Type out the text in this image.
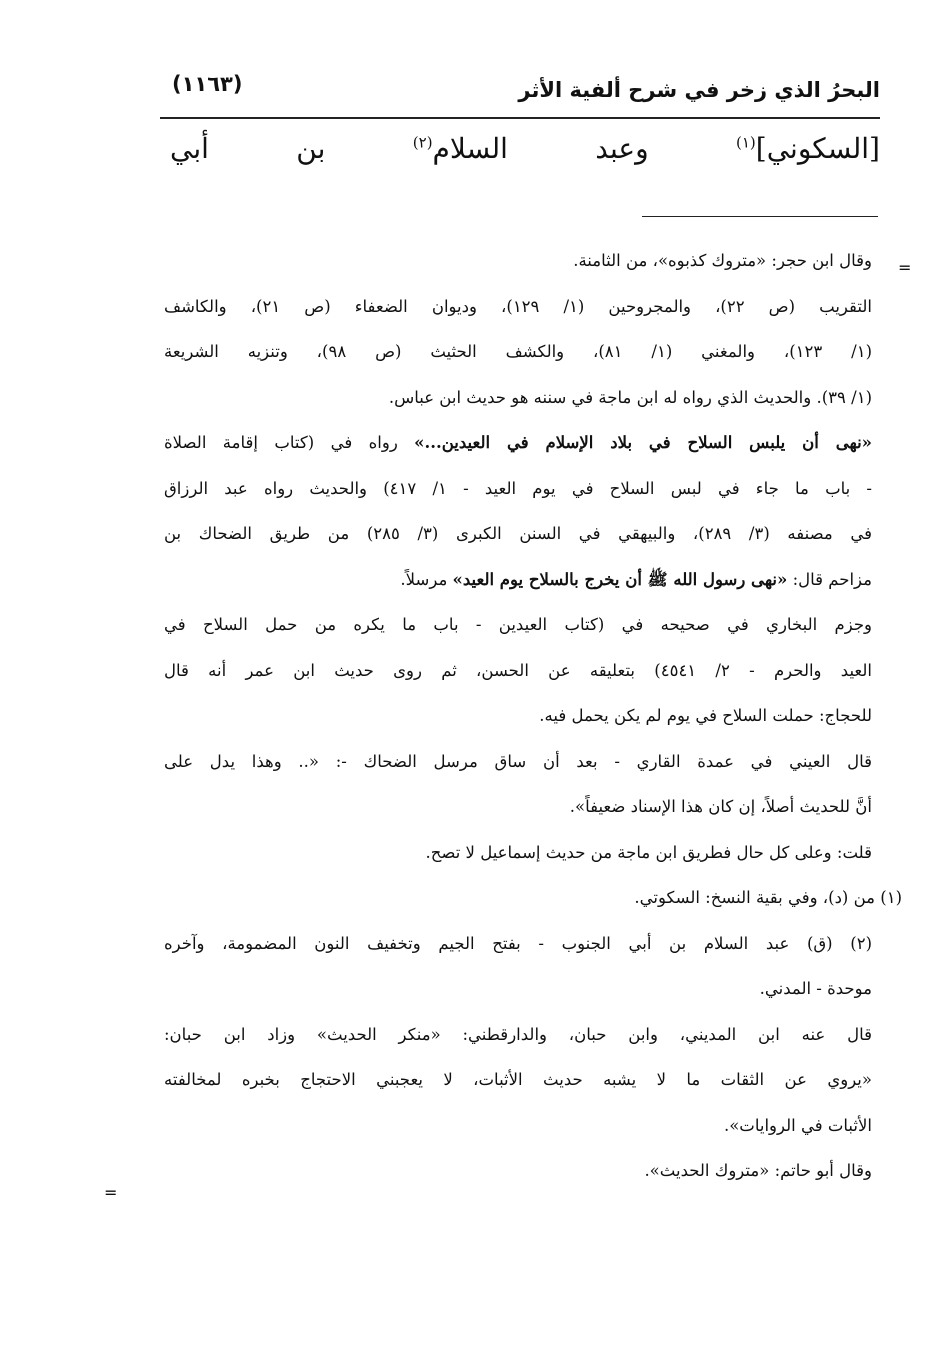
البحرُ الذي زخر في شرح ألفية الأثر
(١١٦٣)
[السكوني]$^{(١)}$ وعبد السلام$^{(٢)}$ بن أبي
=
=
وقال ابن حجر: «متروك كذبوه»، من الثامنة.
التقريب (ص ٢٢)، والمجروحين (١/ ١٢٩)، وديوان الضعفاء (ص ٢١)، والكاشف
(١/ ١٢٣)، والمغني (١/ ٨١)، والكشف الحثيث (ص ٩٨)، وتنزيه الشريعة
(١/ ٣٩). والحديث الذي رواه له ابن ماجة في سننه هو حديث ابن عباس.
«نهى أن يلبس السلاح في بلاد الإسلام في العيدين...» رواه في (كتاب إقامة الصلاة
- باب ما جاء في لبس السلاح في يوم العيد - ١/ ٤١٧) والحديث رواه عبد الرزاق
في مصنفه (٣/ ٢٨٩)، والبيهقي في السنن الكبرى (٣/ ٢٨٥) من طريق الضحاك بن
مزاحم قال: «نهى رسول الله ﷺ أن يخرج بالسلاح يوم العيد» مرسلاً.
وجزم البخاري في صحيحه في (كتاب العيدين - باب ما يكره من حمل السلاح في
العيد والحرم - ٢/ ٤٥٤١) بتعليقه عن الحسن، ثم روى حديث ابن عمر أنه قال
للحجاج: حملت السلاح في يوم لم يكن يحمل فيه.
قال العيني في عمدة القاري - بعد أن ساق مرسل الضحاك -: «.. وهذا يدل على
أنَّ للحديث أصلاً، إن كان هذا الإسناد ضعيفاً».
قلت: وعلى كل حال فطريق ابن ماجة من حديث إسماعيل لا تصح.
(١) من (د)، وفي بقية النسخ: السكوتي.
(٢) (ق) عبد السلام بن أبي الجنوب - بفتح الجيم وتخفيف النون المضمومة، وآخره
موحدة - المدني.
قال عنه ابن المديني، وابن حبان، والدارقطني: «منكر الحديث» وزاد ابن حبان:
«يروي عن الثقات ما لا يشبه حديث الأثبات، لا يعجبني الاحتجاج بخبره لمخالفته
الأثبات في الروايات».
وقال أبو حاتم: «متروك الحديث».
